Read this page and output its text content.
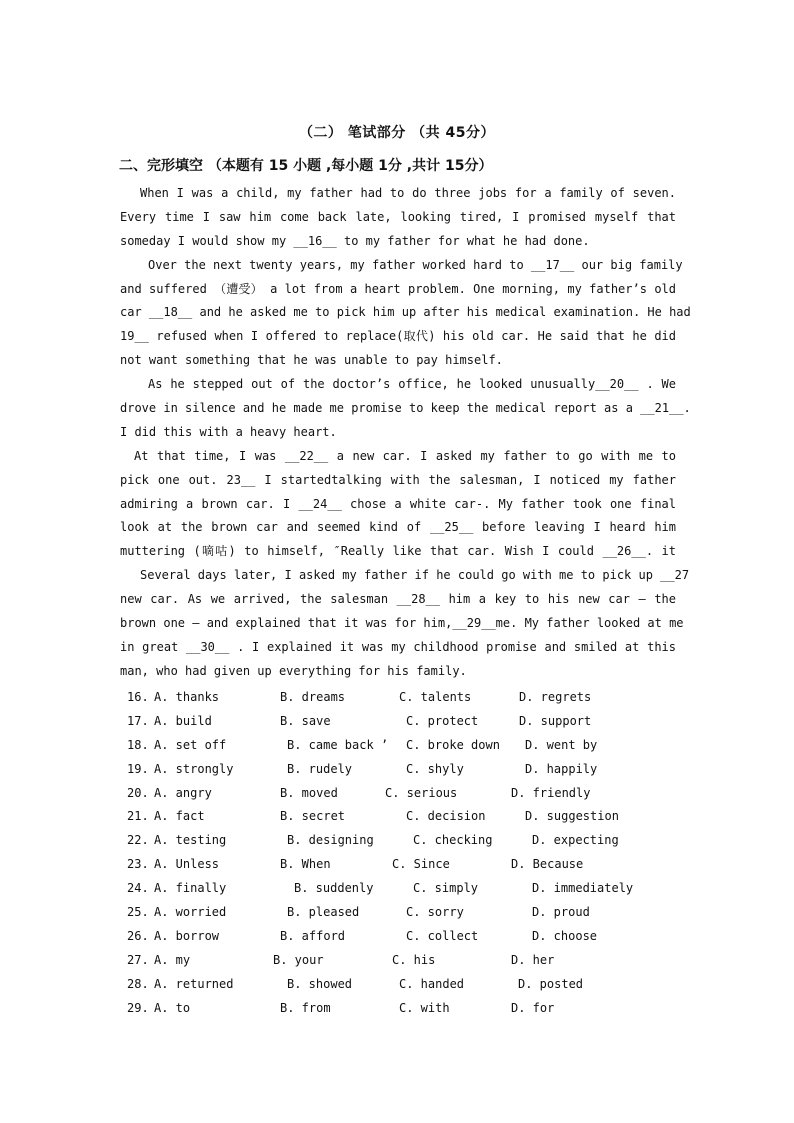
（二） 笔试部分 （共 45分）
二、完形填空 （本题有 15 小题 ,每小题 1分 ,共计 15分）
When I was a child, my father had to do three jobs for a family of seven.
Every time I saw him come back late, looking tired, I promised myself that
someday I would show my __16__ to my father for what he had done.
Over the next twenty years, my father worked hard to __17__ our big family
and suffered （遭受） a lot from a heart problem. One morning, my father’s old
car __18__ and he asked me to pick him up after his medical examination. He had
19__ refused when I offered to replace(取代) his old car. He said that he did
not want something that he was unable to pay himself.
As he stepped out of the doctor’s office, he looked unusually__20__ . We
drove in silence and he made me promise to keep the medical report as a __21__.
I did this with a heavy heart.
At that time, I was __22__ a new car. I asked my father to go with me to
pick one out. 23__ I startedtalking with the salesman, I noticed my father
admiring a brown car. I __24__ chose a white car-. My father took one final
look at the brown car and seemed kind of __25__ before leaving I heard him
muttering (嘀咕) to himself, ″Really like that car. Wish I could __26__. it
Several days later, I asked my father if he could go with me to pick up __27
new car. As we arrived, the salesman __28__ him a key to his new car – the
brown one – and explained that it was for him,__29__me. My father looked at me
in great __30__ . I explained it was my childhood promise and smiled at this
man, who had given up everything for his family.
16. A. thanks	B. dreams	C. talents	D. regrets
17. A. build	B. save	C. protect	D. support
18. A. set off	B. came back ’ C. broke down D. went by
19. A. strongly	B. rudely	C. shyly	D. happily
20. A. angry	B. moved	C. serious	D. friendly
21. A. fact	B. secret	C. decision	D. suggestion
22. A. testing	B. designing	C. checking	D. expecting
23. A. Unless	B. When	C. Since	D. Because
24. A. finally	B. suddenly	C. simply	D. immediately
25. A. worried	B. pleased	C. sorry	D. proud
26. A. borrow	B. afford	C. collect	D. choose
27. A. my	B. your	C. his	D. her
28. A. returned	B. showed	C. handed	D. posted
29. A. to	B. from	C. with	D. for
